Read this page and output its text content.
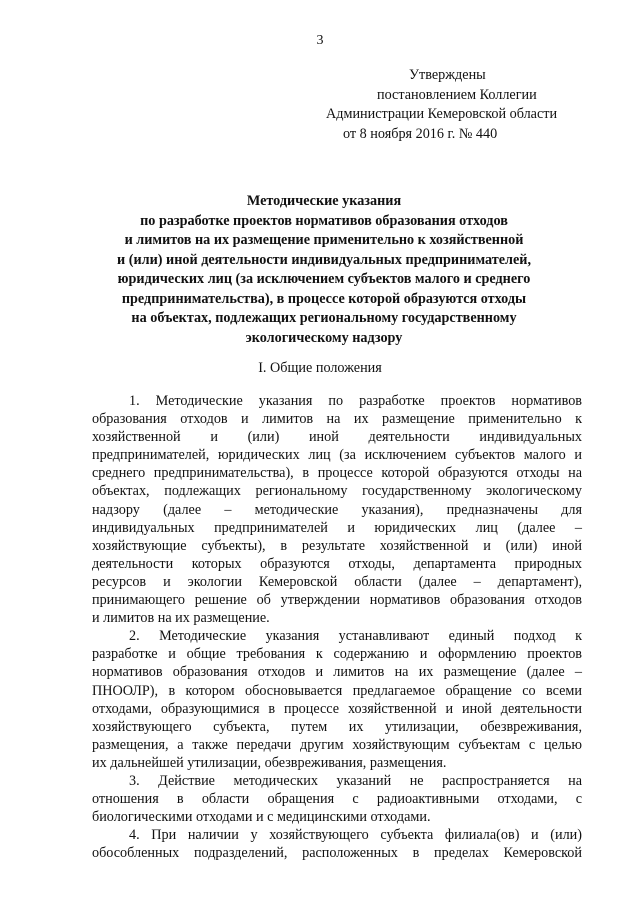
3
Утверждены
постановлением Коллегии
Администрации Кемеровской области
от 8 ноября 2016 г. № 440
Методические указания
по разработке проектов нормативов образования отходов
и лимитов на их размещение применительно к хозяйственной
и (или) иной деятельности индивидуальных предпринимателей,
юридических лиц (за исключением субъектов малого и среднего
предпринимательства), в процессе которой образуются отходы
на объектах, подлежащих региональному государственному
экологическому надзору
I. Общие положения
1. Методические указания по разработке проектов нормативов
образования отходов и лимитов на их размещение применительно к
хозяйственной и (или) иной деятельности индивидуальных
предпринимателей, юридических лиц (за исключением субъектов малого и
среднего предпринимательства), в процессе которой образуются отходы на
объектах, подлежащих региональному государственному экологическому
надзору (далее – методические указания), предназначены для
индивидуальных предпринимателей и юридических лиц (далее –
хозяйствующие субъекты), в результате хозяйственной и (или) иной
деятельности которых образуются отходы, департамента природных
ресурсов и экологии Кемеровской области (далее – департамент),
принимающего решение об утверждении нормативов образования отходов
и лимитов на их размещение.
2. Методические указания устанавливают единый подход к
разработке и общие требования к содержанию и оформлению проектов
нормативов образования отходов и лимитов на их размещение (далее –
ПНООЛР), в котором обосновывается предлагаемое обращение со всеми
отходами, образующимися в процессе хозяйственной и иной деятельности
хозяйствующего субъекта, путем их утилизации, обезвреживания,
размещения, а также передачи другим хозяйствующим субъектам с целью
их дальнейшей утилизации, обезвреживания, размещения.
3. Действие методических указаний не распространяется на
отношения в области обращения с радиоактивными отходами, с
биологическими отходами и с медицинскими отходами.
4. При наличии у хозяйствующего субъекта филиала(ов) и (или)
обособленных подразделений, расположенных в пределах Кемеровской
